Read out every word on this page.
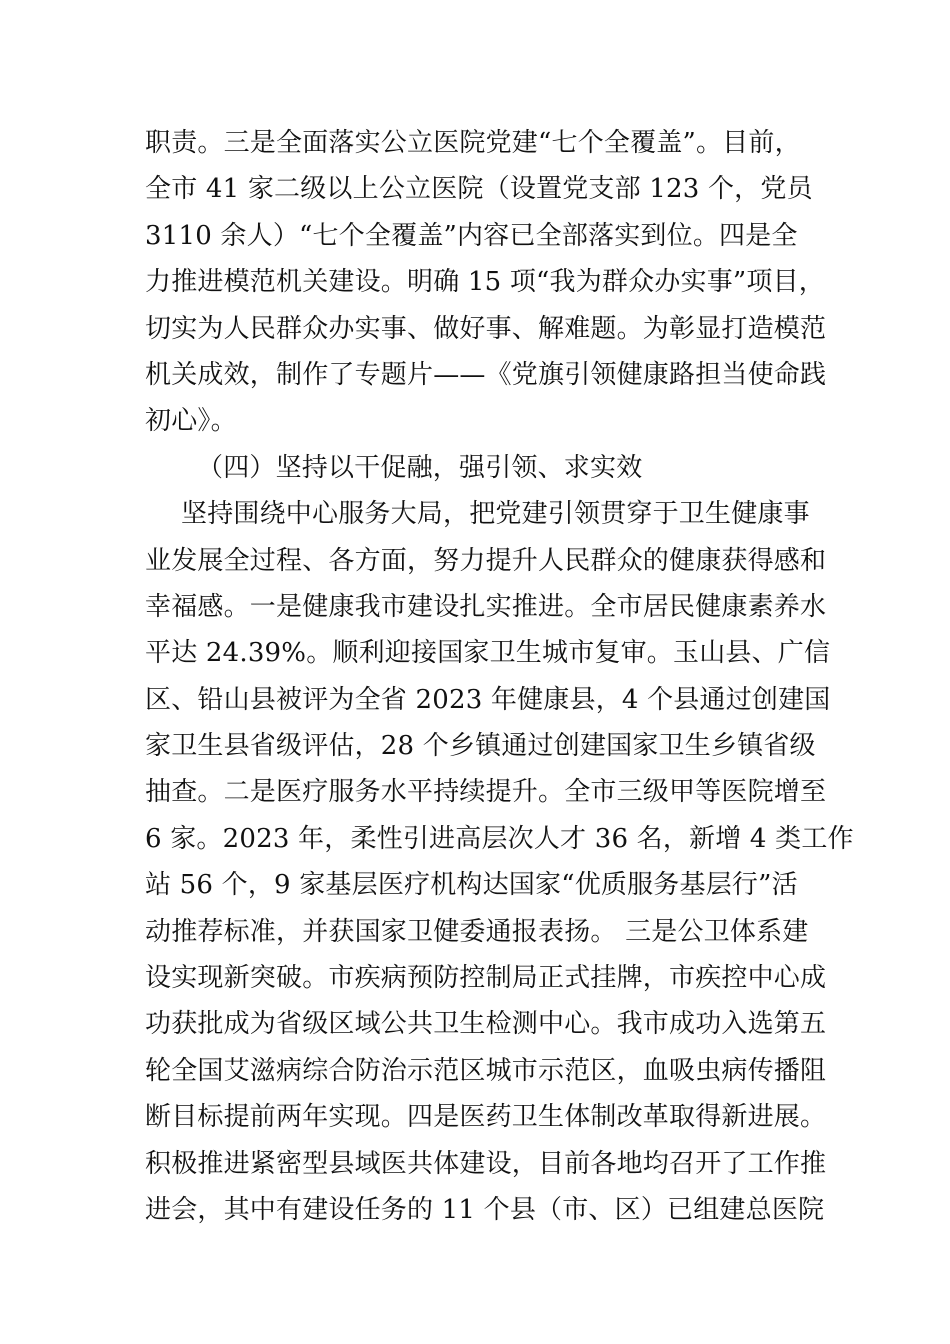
职责。三是全面落实公立医院党建“七个全覆盖”。目前，
全市 41 家二级以上公立医院（设置党支部 123 个，党员
3110 余人）“七个全覆盖”内容已全部落实到位。四是全
力推进模范机关建设。明确 15 项“我为群众办实事”项目，
切实为人民群众办实事、做好事、解难题。为彰显打造模范
机关成效，制作了专题片——《党旗引领健康路担当使命践
初心》。
（四）坚持以干促融，强引领、求实效
坚持围绕中心服务大局，把党建引领贯穿于卫生健康事
业发展全过程、各方面，努力提升人民群众的健康获得感和
幸福感。一是健康我市建设扎实推进。全市居民健康素养水
平达 24.39%。顺利迎接国家卫生城市复审。玉山县、广信
区、铅山县被评为全省 2023 年健康县，4 个县通过创建国
家卫生县省级评估，28 个乡镇通过创建国家卫生乡镇省级
抽查。二是医疗服务水平持续提升。全市三级甲等医院增至
6 家。2023 年，柔性引进高层次人才 36 名，新增 4 类工作
站 56 个，9 家基层医疗机构达国家“优质服务基层行”活
动推荐标准，并获国家卫健委通报表扬。 三是公卫体系建
设实现新突破。市疾病预防控制局正式挂牌，市疾控中心成
功获批成为省级区域公共卫生检测中心。我市成功入选第五
轮全国艾滋病综合防治示范区城市示范区，血吸虫病传播阻
断目标提前两年实现。四是医药卫生体制改革取得新进展。
积极推进紧密型县域医共体建设，目前各地均召开了工作推
进会，其中有建设任务的 11 个县（市、区）已组建总医院
